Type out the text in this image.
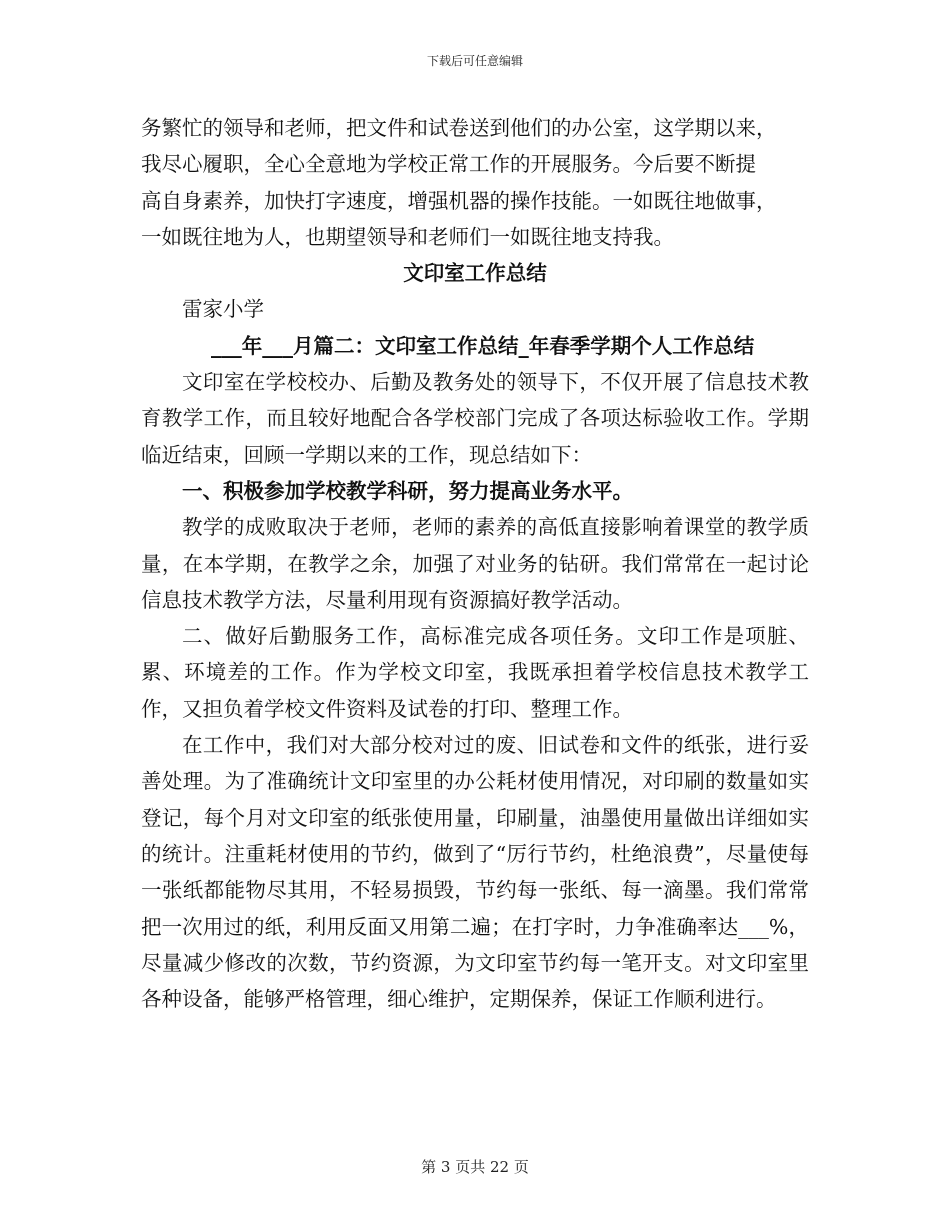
下载后可任意编辑

务繁忙的领导和老师，把文件和试卷送到他们的办公室，这学期以来，
我尽心履职，全心全意地为学校正常工作的开展服务。今后要不断提
高自身素养，加快打字速度，增强机器的操作技能。一如既往地做事，
一如既往地为人，也期望领导和老师们一如既往地支持我。

文印室工作总结

雷家小学

___年___月篇二：文印室工作总结_年春季学期个人工作总结

文印室在学校校办、后勤及教务处的领导下，不仅开展了信息技术教育教学工作，而且较好地配合各学校部门完成了各项达标验收工作。学期临近结束，回顾一学期以来的工作，现总结如下：

一、积极参加学校教学科研，努力提高业务水平。

教学的成败取决于老师，老师的素养的高低直接影响着课堂的教学质量，在本学期，在教学之余，加强了对业务的钻研。我们常常在一起讨论信息技术教学方法，尽量利用现有资源搞好教学活动。

二、做好后勤服务工作，高标准完成各项任务。文印工作是项脏、累、环境差的工作。作为学校文印室，我既承担着学校信息技术教学工作，又担负着学校文件资料及试卷的打印、整理工作。

在工作中，我们对大部分校对过的废、旧试卷和文件的纸张，进行妥善处理。为了准确统计文印室里的办公耗材使用情况，对印刷的数量如实登记，每个月对文印室的纸张使用量，印刷量，油墨使用量做出详细如实的统计。注重耗材使用的节约，做到了“厉行节约，杜绝浪费”，尽量使每一张纸都能物尽其用，不轻易损毁，节约每一张纸、每一滴墨。我们常常把一次用过的纸，利用反面又用第二遍；在打字时，力争准确率达___%，尽量减少修改的次数，节约资源，为文印室节约每一笔开支。对文印室里各种设备，能够严格管理，细心维护，定期保养，保证工作顺利进行。

第 3 页共 22 页
